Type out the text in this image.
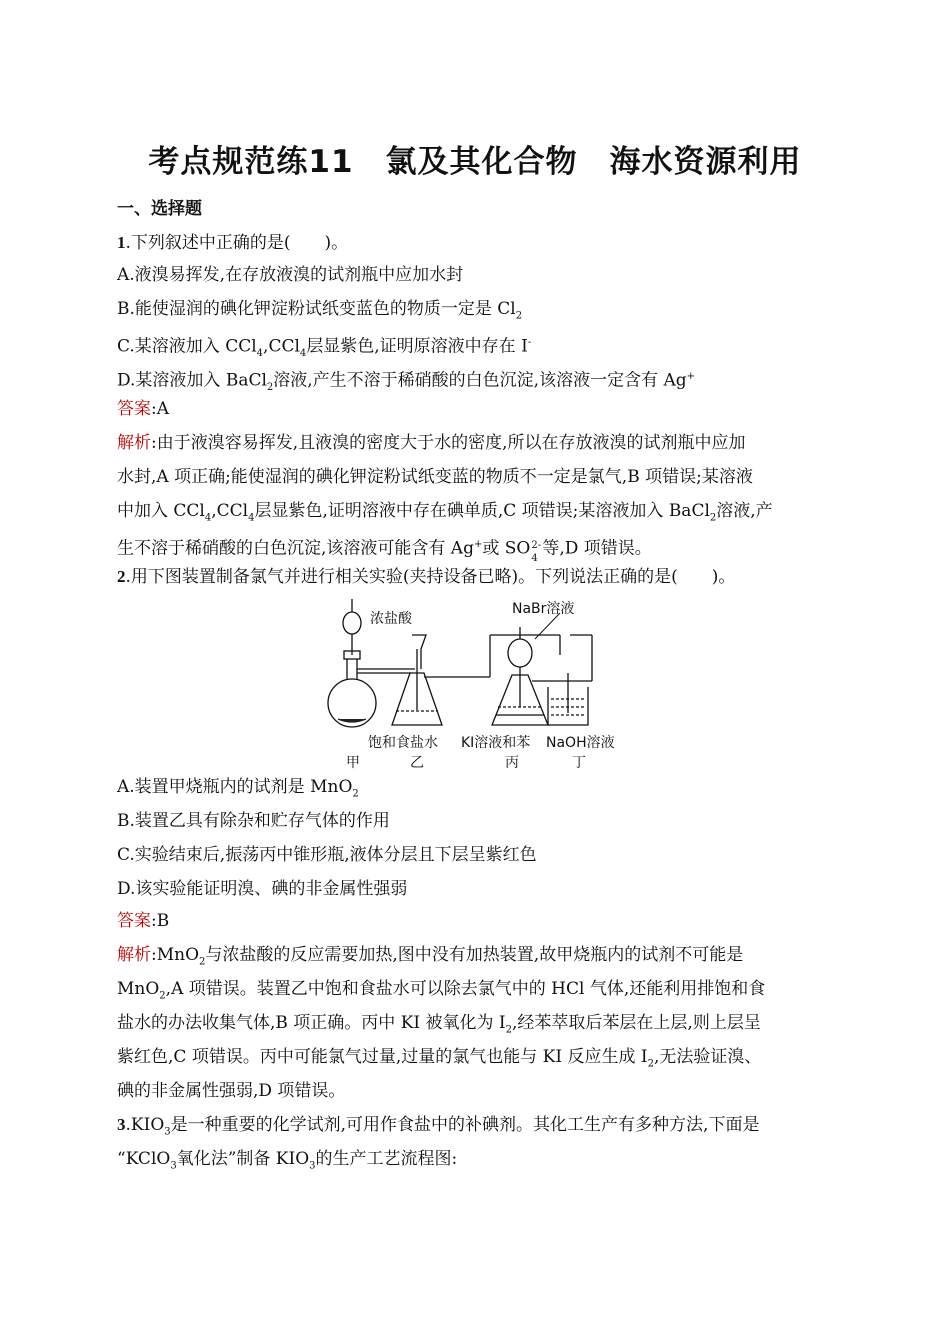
考点规范练11　氯及其化合物　海水资源利用
一、选择题
1.下列叙述中正确的是(　　)。
A.液溴易挥发,在存放液溴的试剂瓶中应加水封
B.能使湿润的碘化钾淀粉试纸变蓝色的物质一定是 $Cl_2$
C.某溶液加入 CCl$_4$,CCl$_4$层显紫色,证明原溶液中存在 I-
D.某溶液加入 BaCl$_2$溶液,产生不溶于稀硝酸的白色沉淀,该溶液一定含有 Ag+
答案:A
解析:由于液溴容易挥发,且液溴的密度大于水的密度,所以在存放液溴的试剂瓶中应加
水封,A 项正确;能使湿润的碘化钾淀粉试纸变蓝的物质不一定是氯气,B 项错误;某溶液
中加入 CCl$_4$,CCl$_4$层显紫色,证明溶液中存在碘单质,C 项错误;某溶液加入 BaCl$_2$溶液,产
生不溶于稀硝酸的白色沉淀,该溶液可能含有 Ag+或 SO 2-
4 等,D 项错误。
2.用下图装置制备氯气并进行相关实验(夹持设备已略)。下列说法正确的是(　　)。
浓盐酸
NaBr溶液
饱和食盐水 KI溶液和苯 NaOH溶液
甲	乙	丙	丁
A.装置甲烧瓶内的试剂是 MnO$_2$
B.装置乙具有除杂和贮存气体的作用
C.实验结束后,振荡丙中锥形瓶,液体分层且下层呈紫红色
D.该实验能证明溴、碘的非金属性强弱
答案:B
解析:MnO$_2$与浓盐酸的反应需要加热,图中没有加热装置,故甲烧瓶内的试剂不可能是
MnO$_2$,A 项错误。装置乙中饱和食盐水可以除去氯气中的 HCl 气体,还能利用排饱和食
盐水的办法收集气体,B 项正确。丙中 KI 被氧化为 $I_2$,经苯萃取后苯层在上层,则上层呈
紫红色,C 项错误。丙中可能氯气过量,过量的氯气也能与 KI 反应生成 $I_2$,无法验证溴、
碘的非金属性强弱,D 项错误。
$3.KIO_3$是一种重要的化学试剂,可用作食盐中的补碘剂。其化工生产有多种方法,下面是
“KClO$_3$氧化法”制备 $KIO_3$的生产工艺流程图:
